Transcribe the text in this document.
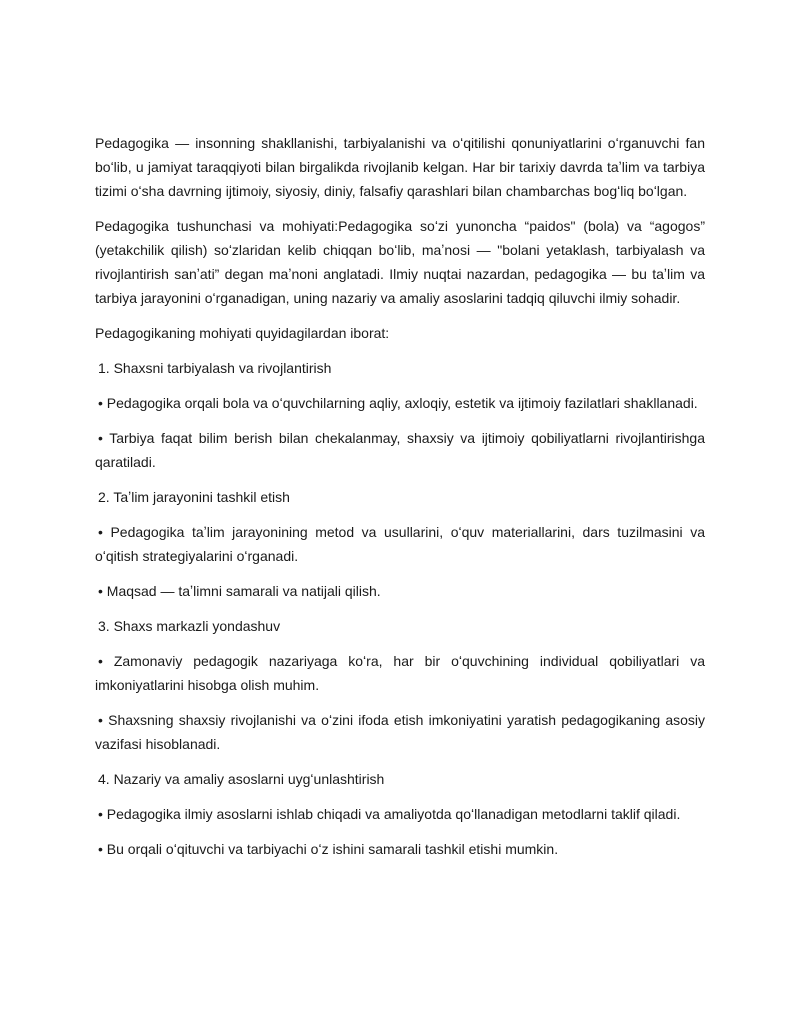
Pedagogika — insonning shakllanishi, tarbiyalanishi va oʻqitilishi qonuniyatlarini oʻrganuvchi fan boʻlib, u jamiyat taraqqiyoti bilan birgalikda rivojlanib kelgan. Har bir tarixiy davrda taʼlim va tarbiya tizimi oʻsha davrning ijtimoiy, siyosiy, diniy, falsafiy qarashlari bilan chambarchas bogʻliq boʻlgan.

Pedagogika tushunchasi va mohiyati:Pedagogika soʻzi yunoncha “paidos" (bola) va “agogos” (yetakchilik qilish) soʻzlaridan kelib chiqqan boʻlib, maʼnosi — "bolani yetaklash, tarbiyalash va rivojlantirish sanʼati” degan maʼnoni anglatadi. Ilmiy nuqtai nazardan, pedagogika — bu taʼlim va tarbiya jarayonini oʻrganadigan, uning nazariy va amaliy asoslarini tadqiq qiluvchi ilmiy sohadir.

Pedagogikaning mohiyati quyidagilardan iborat:

1. Shaxsni tarbiyalash va rivojlantirish

• Pedagogika orqali bola va oʻquvchilarning aqliy, axloqiy, estetik va ijtimoiy fazilatlari shakllanadi.

• Tarbiya faqat bilim berish bilan chekalanmay, shaxsiy va ijtimoiy qobiliyatlarni rivojlantirishga qaratiladi.

2. Taʼlim jarayonini tashkil etish

• Pedagogika taʼlim jarayonining metod va usullarini, oʻquv materiallarini, dars tuzilmasini va oʻqitish strategiyalarini oʻrganadi.

• Maqsad — taʼlimni samarali va natijali qilish.

3. Shaxs markazli yondashuv

• Zamonaviy pedagogik nazariyaga koʻra, har bir oʻquvchining individual qobiliyatlari va imkoniyatlarini hisobga olish muhim.

• Shaxsning shaxsiy rivojlanishi va oʻzini ifoda etish imkoniyatini yaratish pedagogikaning asosiy vazifasi hisoblanadi.

4. Nazariy va amaliy asoslarni uygʻunlashtirish

• Pedagogika ilmiy asoslarni ishlab chiqadi va amaliyotda qoʻllanadigan metodlarni taklif qiladi.

• Bu orqali oʻqituvchi va tarbiyachi oʻz ishini samarali tashkil etishi mumkin.
